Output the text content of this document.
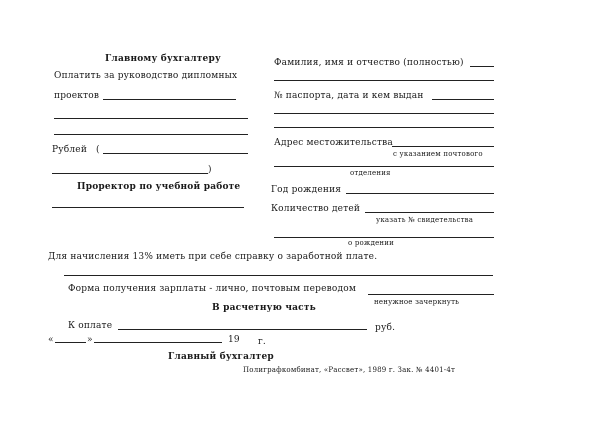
Главному бухгалтеру
Оплатить за руководство дипломных
проектов
Рублей (
)
Проректор по учебной работе
Фамилия, имя и отчество (полностью)
№ паспорта, дата и кем выдан
Адрес местожительства
с указанием почтового
отделения
Год рождения
Количество детей
указать № свидетельства
о рождении
Для начисления 13% иметь при себе справку о заработной плате.
Форма получения зарплаты - лично, почтовым переводом
ненужное зачеркнуть
В расчетную часть
К оплате	руб.
«	»	19 г.
Главный бухгалтер
Полиграфкомбинат, «Рассвет», 1989 г. Зак. № 4401-4т
